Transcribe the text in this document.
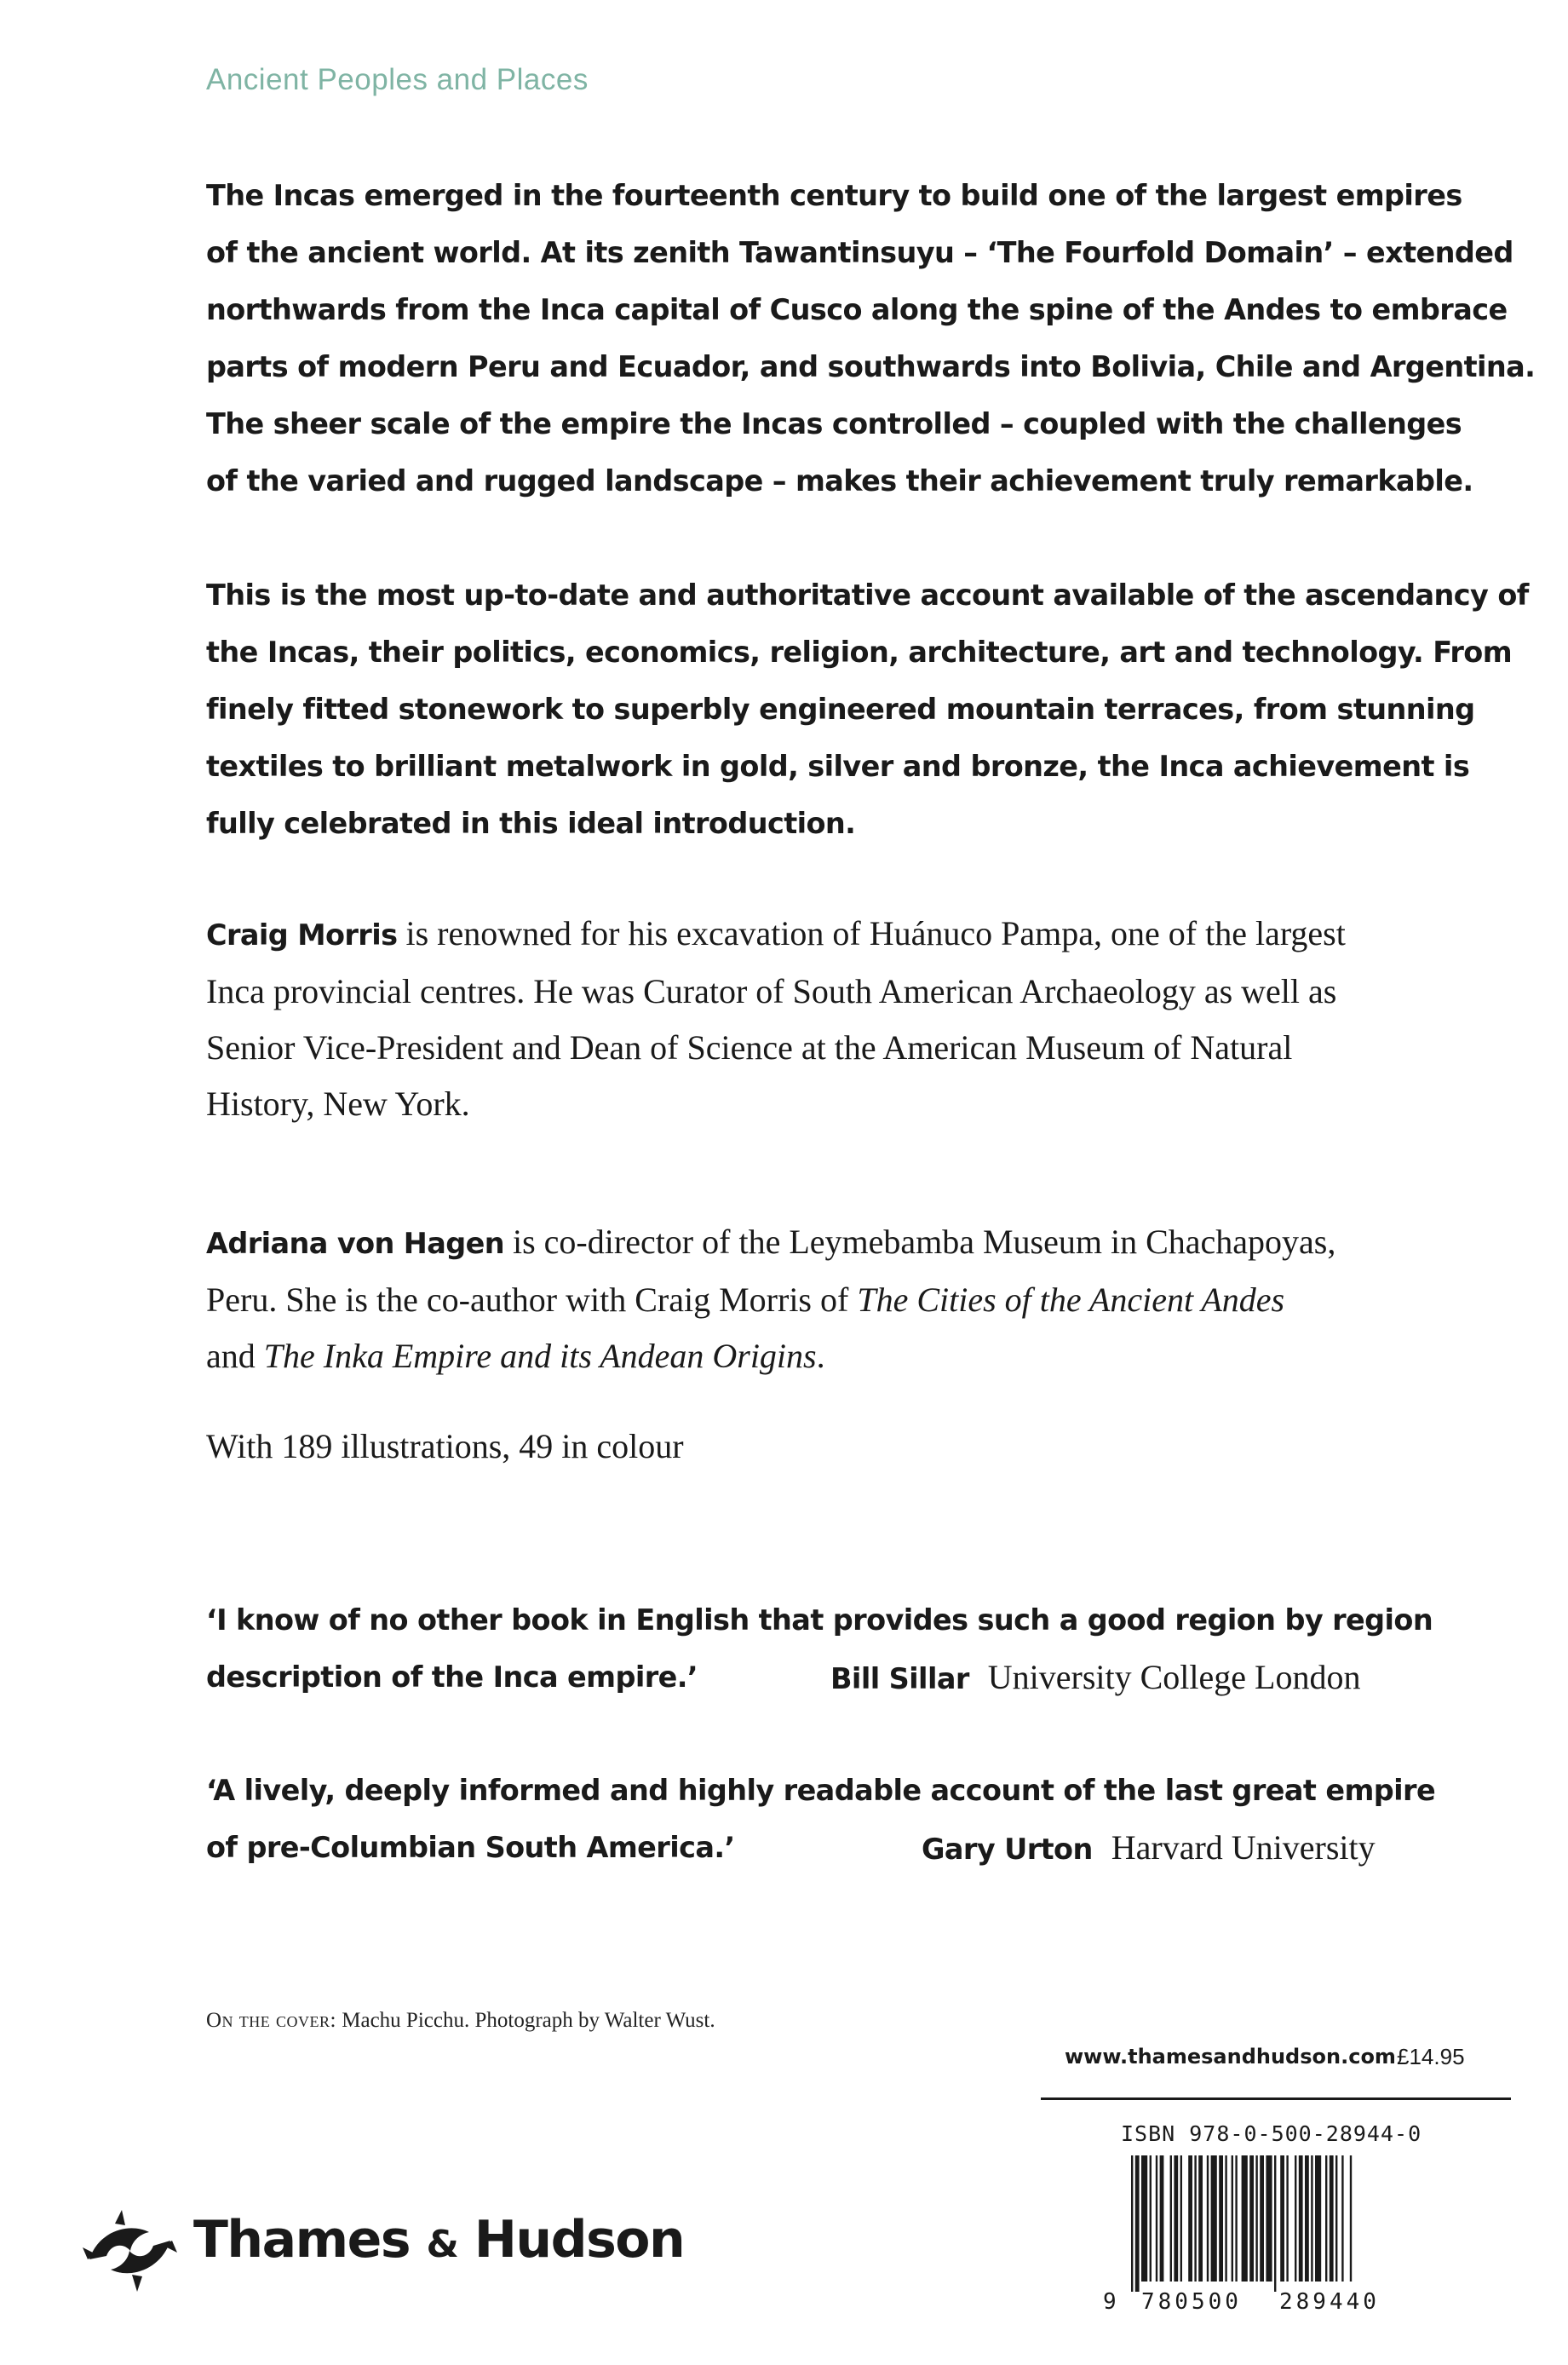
Ancient Peoples and Places

The Incas emerged in the fourteenth century to build one of the largest empires
of the ancient world. At its zenith Tawantinsuyu – ‘The Fourfold Domain’ – extended
northwards from the Inca capital of Cusco along the spine of the Andes to embrace
parts of modern Peru and Ecuador, and southwards into Bolivia, Chile and Argentina.
The sheer scale of the empire the Incas controlled – coupled with the challenges
of the varied and rugged landscape – makes their achievement truly remarkable.

This is the most up-to-date and authoritative account available of the ascendancy of
the Incas, their politics, economics, religion, architecture, art and technology. From
finely fitted stonework to superbly engineered mountain terraces, from stunning
textiles to brilliant metalwork in gold, silver and bronze, the Inca achievement is
fully celebrated in this ideal introduction.

Craig Morris is renowned for his excavation of Huánuco Pampa, one of the largest
Inca provincial centres. He was Curator of South American Archaeology as well as
Senior Vice-President and Dean of Science at the American Museum of Natural
History, New York.

Adriana von Hagen is co-director of the Leymebamba Museum in Chachapoyas,
Peru. She is the co-author with Craig Morris of The Cities of the Ancient Andes
and The Inka Empire and its Andean Origins.

With 189 illustrations, 49 in colour

‘I know of no other book in English that provides such a good region by region
description of the Inca empire.’	Bill Sillar University College London
‘A lively, deeply informed and highly readable account of the last great empire
of pre-Columbian South America.’	Gary Urton Harvard University
On the cover: Machu Picchu. Photograph by Walter Wust.
www.thamesandhudson.com £14.95
ISBN 978-0-500-28944-0
9 780500 289440
Thames & Hudson
